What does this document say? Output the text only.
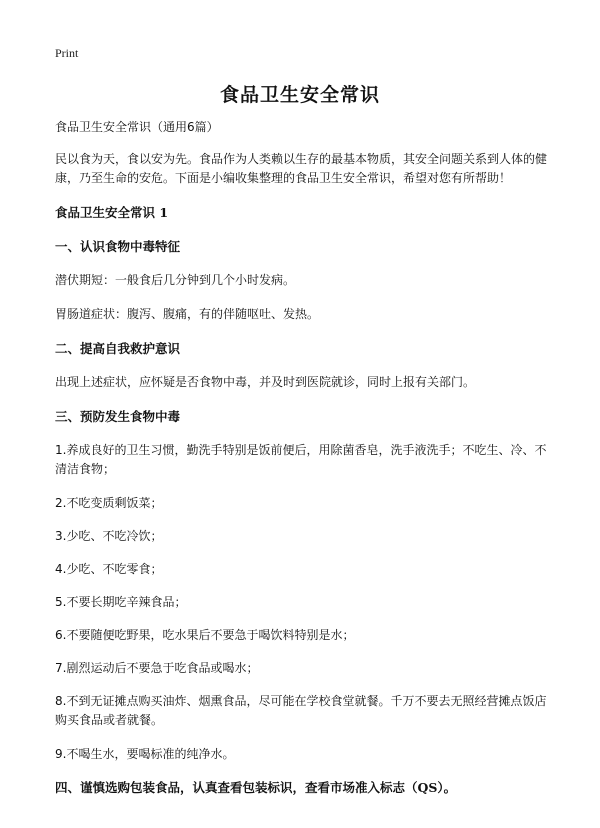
Print
食品卫生安全常识

食品卫生安全常识（通用6篇）

民以食为天，食以安为先。食品作为人类赖以生存的最基本物质，其安全问题关系到人体的健康，乃至生命的安危。下面是小编收集整理的食品卫生安全常识，希望对您有所帮助！

食品卫生安全常识 1

一、认识食物中毒特征

潜伏期短：一般食后几分钟到几个小时发病。

胃肠道症状：腹泻、腹痛，有的伴随呕吐、发热。

二、提高自我救护意识

出现上述症状，应怀疑是否食物中毒，并及时到医院就诊，同时上报有关部门。

三、预防发生食物中毒

1.养成良好的卫生习惯，勤洗手特别是饭前便后，用除菌香皂，洗手液洗手；不吃生、冷、不清洁食物；

2.不吃变质剩饭菜；

3.少吃、不吃冷饮；

4.少吃、不吃零食；

5.不要长期吃辛辣食品；

6.不要随便吃野果，吃水果后不要急于喝饮料特别是水；

7.剧烈运动后不要急于吃食品或喝水；

8.不到无证摊点购买油炸、烟熏食品，尽可能在学校食堂就餐。千万不要去无照经营摊点饭店购买食品或者就餐。

9.不喝生水，要喝标准的纯净水。

四、谨慎选购包装食品，认真查看包装标识，查看市场准入标志（QS）。
